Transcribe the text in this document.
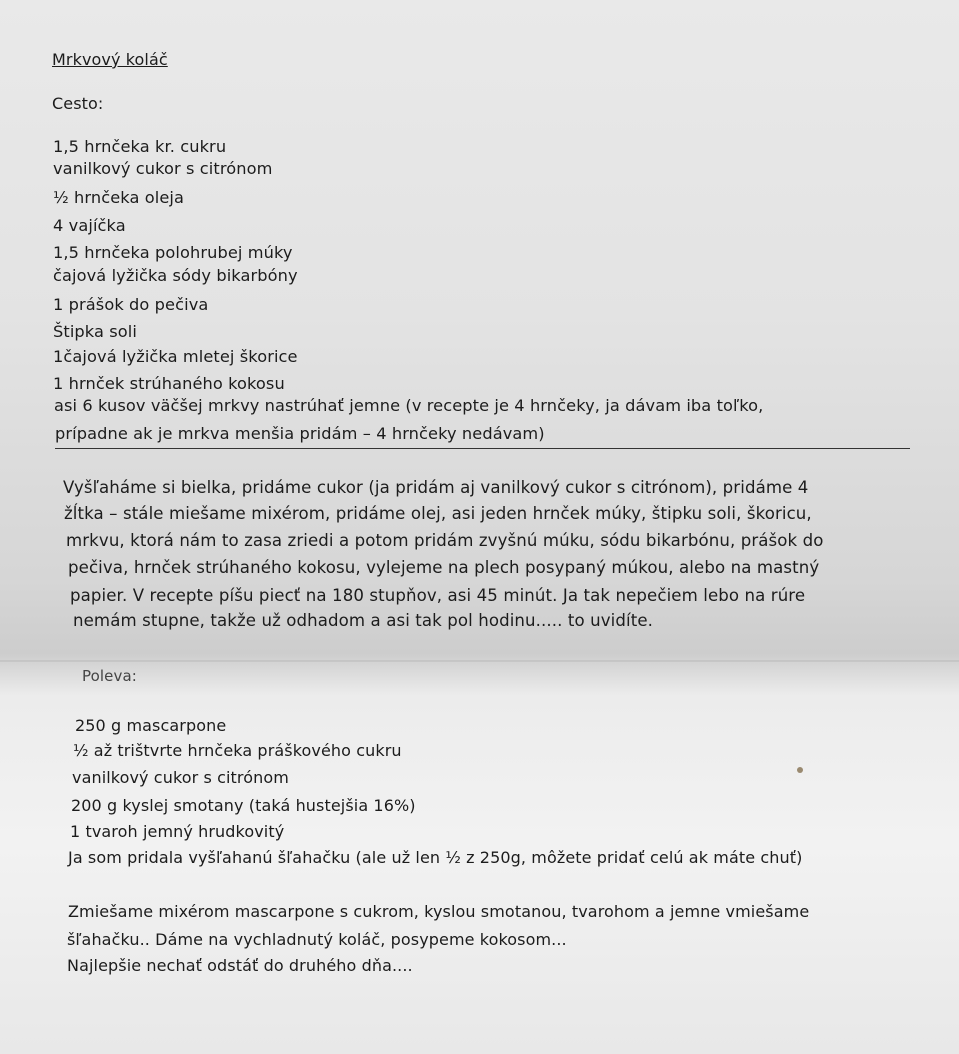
Mrkvový koláč
Cesto:
1,5 hrnčeka kr. cukru
vanilkový cukor s citrónom
½ hrnčeka oleja
4 vajíčka
1,5 hrnčeka polohrubej múky
čajová lyžička sódy bikarbóny
1 prášok do pečiva
Štipka soli
1čajová lyžička mletej škorice
1 hrnček strúhaného kokosu
asi 6 kusov väčšej mrkvy nastrúhať jemne (v recepte je 4 hrnčeky, ja dávam iba toľko,
prípadne ak je mrkva menšia pridám – 4 hrnčeky nedávam)
Vyšľaháme si bielka, pridáme cukor (ja pridám aj vanilkový cukor s citrónom), pridáme 4
žĺtka – stále miešame mixérom, pridáme olej, asi jeden hrnček múky, štipku soli, škoricu,
mrkvu, ktorá nám to zasa zriedi a potom pridám zvyšnú múku, sódu bikarbónu, prášok do
pečiva, hrnček strúhaného kokosu, vylejeme na plech posypaný múkou, alebo na mastný
papier. V recepte píšu piecť na 180 stupňov, asi 45 minút. Ja tak nepečiem lebo na rúre
nemám stupne, takže už odhadom a asi tak pol hodinu..... to uvidíte.
Poleva:
250 g mascarpone
½ až trištvrte hrnčeka práškového cukru
vanilkový cukor s citrónom
200 g kyslej smotany (taká hustejšia 16%)
1 tvaroh jemný hrudkovitý
Ja som pridala vyšľahanú šľahačku (ale už len ½ z 250g, môžete pridať celú ak máte chuť)
Zmiešame mixérom mascarpone s cukrom, kyslou smotanou, tvarohom a jemne vmiešame
šľahačku.. Dáme na vychladnutý koláč, posypeme kokosom...
Najlepšie nechať odstáť do druhého dňa....
